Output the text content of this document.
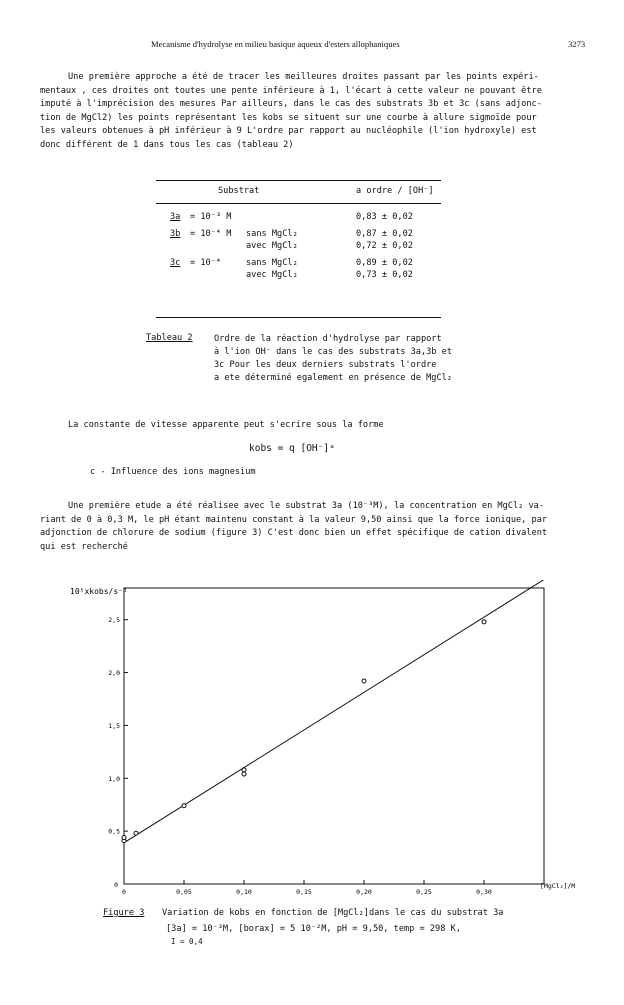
Mecanisme d'hydrolyse en milieu basique aqueux d'esters allophaniques	3273

Une première approche a été de tracer les meilleures droites passant par les points expéri-

mentaux , ces droites ont toutes une pente inférieure à 1, l'écart à cette valeur ne pouvant être

imputé à l'imprécision des mesures Par ailleurs, dans le cas des substrats 3b et 3c (sans adjonc-

tion de MgCl2) les points représentant les kobs se situent sur une courbe à allure sigmoïde pour

les valeurs obtenues à pH inférieur à 9 L'ordre par rapport au nucléophile (l'ion hydroxyle) est

donc différent de 1 dans tous les cas (tableau 2)

Substrat	a ordre / [OH⁻]
3a	= 10⁻³ M		0,83 ± 0,02
3b	= 10⁻⁴ M	sans MgCl₂	0,87 ± 0,02
		avec MgCl₂	0,72 ± 0,02
3c	= 10⁻⁴	sans MgCl₂	0,89 ± 0,02
		avec MgCl₂	0,73 ± 0,02
Tableau 2 Ordre de la réaction d'hydrolyse par rapport

à l'ion OH⁻ dans le cas des substrats 3a,3b et

3c Pour les deux derniers substrats l'ordre

a ete déterminé egalement en présence de MgCl₂

La constante de vitesse apparente peut s'ecrire sous la forme
kobs = q [OH⁻]ᵃ
c - Influence des ions magnesium

Une première etude a été réalisee avec le substrat 3a (10⁻³M), la concentration en MgCl₂ va-

riant de 0 à 0,3 M, le pH étant maintenu constant à la valeur 9,50 ainsi que la force ionique, par

adjonction de chlorure de sodium (figure 3) C'est donc bien un effet spécifique de cation divalent

qui est recherché

10⁵xkobs/s⁻¹
[MgCl₂]/M
0	0,05	0,10	0,15	0,20	0,25	0,30
0,5
1,0
1,5
2,0
2,5
0
Figure 3 Variation de kobs en fonction de [MgCl₂]dans le cas du substrat 3a
[3a] = 10⁻³M, [borax] = 5 10⁻²M, pH = 9,50, temp = 298 K,
I = 0,4
